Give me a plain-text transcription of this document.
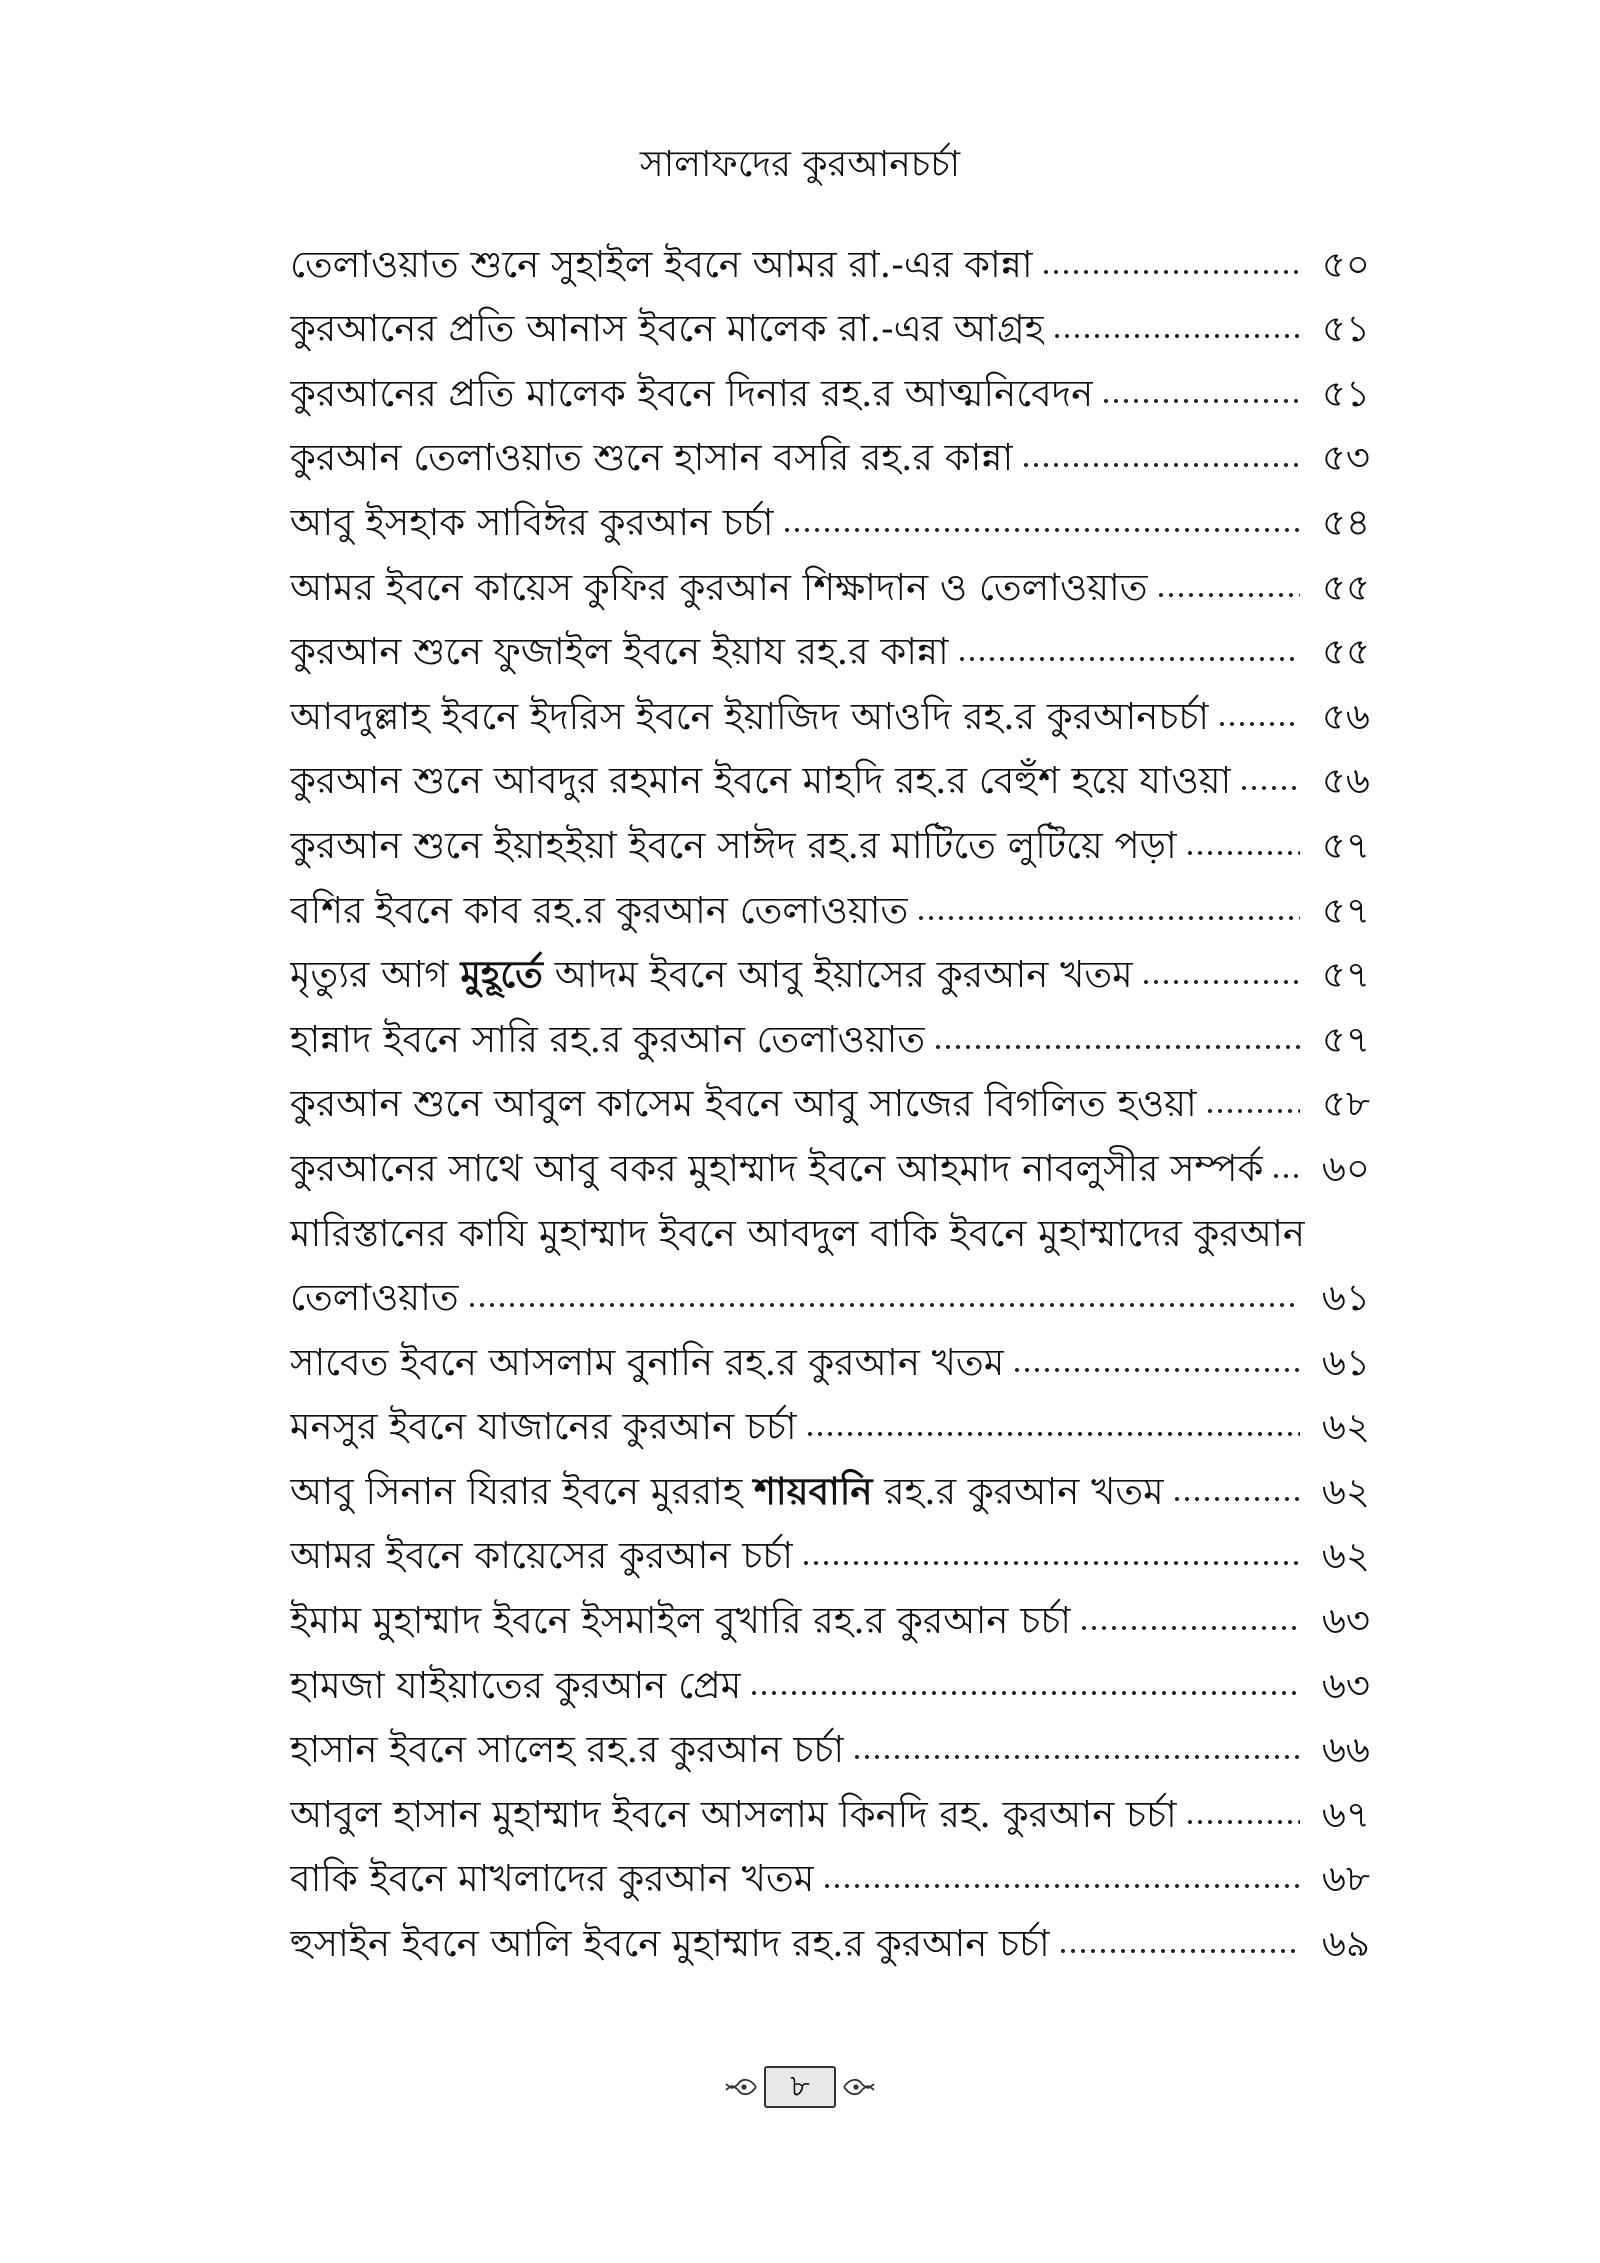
সালাফদের কুরআনচর্চা
তেলাওয়াত শুনে সুহাইল ইবনে আমর রা.-এর কান্না	৫০
কুরআনের প্রতি আনাস ইবনে মালেক রা.-এর আগ্রহ	৫১
কুরআনের প্রতি মালেক ইবনে দিনার রহ.র আত্মনিবেদন	৫১
কুরআন তেলাওয়াত শুনে হাসান বসরি রহ.র কান্না	৫৩
আবু ইসহাক সাবিঈর কুরআন চর্চা	৫৪
আমর ইবনে কায়েস কুফির কুরআন শিক্ষাদান ও তেলাওয়াত	৫৫
কুরআন শুনে ফুজাইল ইবনে ইয়ায রহ.র কান্না	৫৫
আবদুল্লাহ ইবনে ইদরিস ইবনে ইয়াজিদ আওদি রহ.র কুরআনচর্চা	৫৬
কুরআন শুনে আবদুর রহমান ইবনে মাহদি রহ.র বেহুঁশ হয়ে যাওয়া	৫৬
কুরআন শুনে ইয়াহইয়া ইবনে সাঈদ রহ.র মাটিতে লুটিয়ে পড়া	৫৭
বশির ইবনে কাব রহ.র কুরআন তেলাওয়াত	৫৭
মৃত্যুর আগ মুহূর্তে আদম ইবনে আবু ইয়াসের কুরআন খতম	৫৭
হান্নাদ ইবনে সারি রহ.র কুরআন তেলাওয়াত	৫৭
কুরআন শুনে আবুল কাসেম ইবনে আবু সাজের বিগলিত হওয়া	৫৮
কুরআনের সাথে আবু বকর মুহাম্মাদ ইবনে আহমাদ নাবলুসীর সম্পর্ক	৬০
মারিস্তানের কাযি মুহাম্মাদ ইবনে আবদুল বাকি ইবনে মুহাম্মাদের কুরআন
তেলাওয়াত	৬১
সাবেত ইবনে আসলাম বুনানি রহ.র কুরআন খতম	৬১
মনসুর ইবনে যাজানের কুরআন চর্চা	৬২
আবু সিনান যিরার ইবনে মুররাহ শায়বানি রহ.র কুরআন খতম	৬২
আমর ইবনে কায়েসের কুরআন চর্চা	৬২
ইমাম মুহাম্মাদ ইবনে ইসমাইল বুখারি রহ.র কুরআন চর্চা	৬৩
হামজা যাইয়াতের কুরআন প্রেম	৬৩
হাসান ইবনে সালেহ রহ.র কুরআন চর্চা	৬৬
আবুল হাসান মুহাম্মাদ ইবনে আসলাম কিনদি রহ. কুরআন চর্চা	৬৭
বাকি ইবনে মাখলাদের কুরআন খতম	৬৮
হুসাইন ইবনে আলি ইবনে মুহাম্মাদ রহ.র কুরআন চর্চা	৬৯
৮
